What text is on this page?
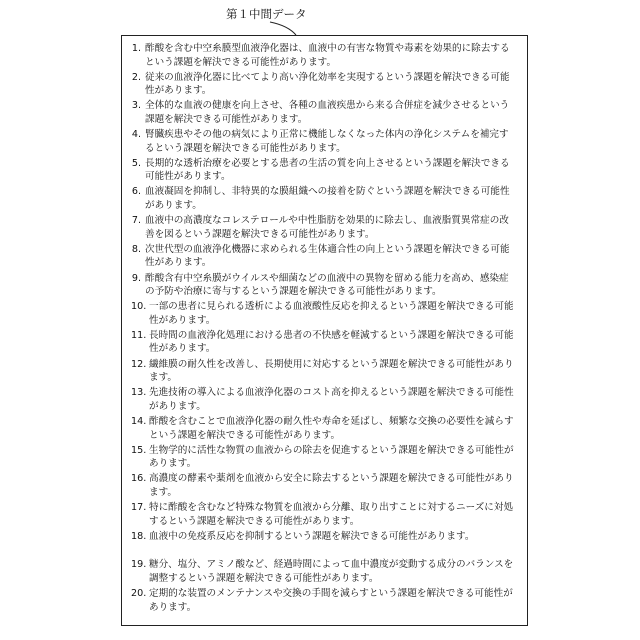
第１中間データ
1. 酢酸を含む中空糸膜型血液浄化器は、血液中の有害な物質や毒素を効果的に除去するという課題を解決できる可能性があります。
2. 従来の血液浄化器に比べてより高い浄化効率を実現するという課題を解決できる可能性があります。
3. 全体的な血液の健康を向上させ、各種の血液疾患から来る合併症を減少させるという課題を解決できる可能性があります。
4. 腎臓疾患やその他の病気により正常に機能しなくなった体内の浄化システムを補完するという課題を解決できる可能性があります。
5. 長期的な透析治療を必要とする患者の生活の質を向上させるという課題を解決できる可能性があります。
6. 血液凝固を抑制し、非特異的な膜組織への接着を防ぐという課題を解決できる可能性があります。
7. 血液中の高濃度なコレステロールや中性脂肪を効果的に除去し、血液脂質異常症の改善を図るという課題を解決できる可能性があります。
8. 次世代型の血液浄化機器に求められる生体適合性の向上という課題を解決できる可能性があります。
9. 酢酸含有中空糸膜がウイルスや細菌などの血液中の異物を留める能力を高め、感染症の予防や治療に寄与するという課題を解決できる可能性があります。
10. 一部の患者に見られる透析による血液酸性反応を抑えるという課題を解決できる可能性があります。
11. 長時間の血液浄化処理における患者の不快感を軽減するという課題を解決できる可能性があります。
12. 繊維膜の耐久性を改善し、長期使用に対応するという課題を解決できる可能性があります。
13. 先進技術の導入による血液浄化器のコスト高を抑えるという課題を解決できる可能性があります。
14. 酢酸を含むことで血液浄化器の耐久性や寿命を延ばし、頻繁な交換の必要性を減らすという課題を解決できる可能性があります。
15. 生物学的に活性な物質の血液からの除去を促進するという課題を解決できる可能性があります。
16. 高濃度の酵素や薬剤を血液から安全に除去するという課題を解決できる可能性があります。
17. 特に酢酸を含むなど特殊な物質を血液から分離、取り出すことに対するニーズに対処するという課題を解決できる可能性があります。
18. 血液中の免疫系反応を抑制するという課題を解決できる可能性があります。
19. 糖分、塩分、アミノ酸など、経過時間によって血中濃度が変動する成分のバランスを調整するという課題を解決できる可能性があります。
20. 定期的な装置のメンテナンスや交換の手間を減らすという課題を解決できる可能性があります。
